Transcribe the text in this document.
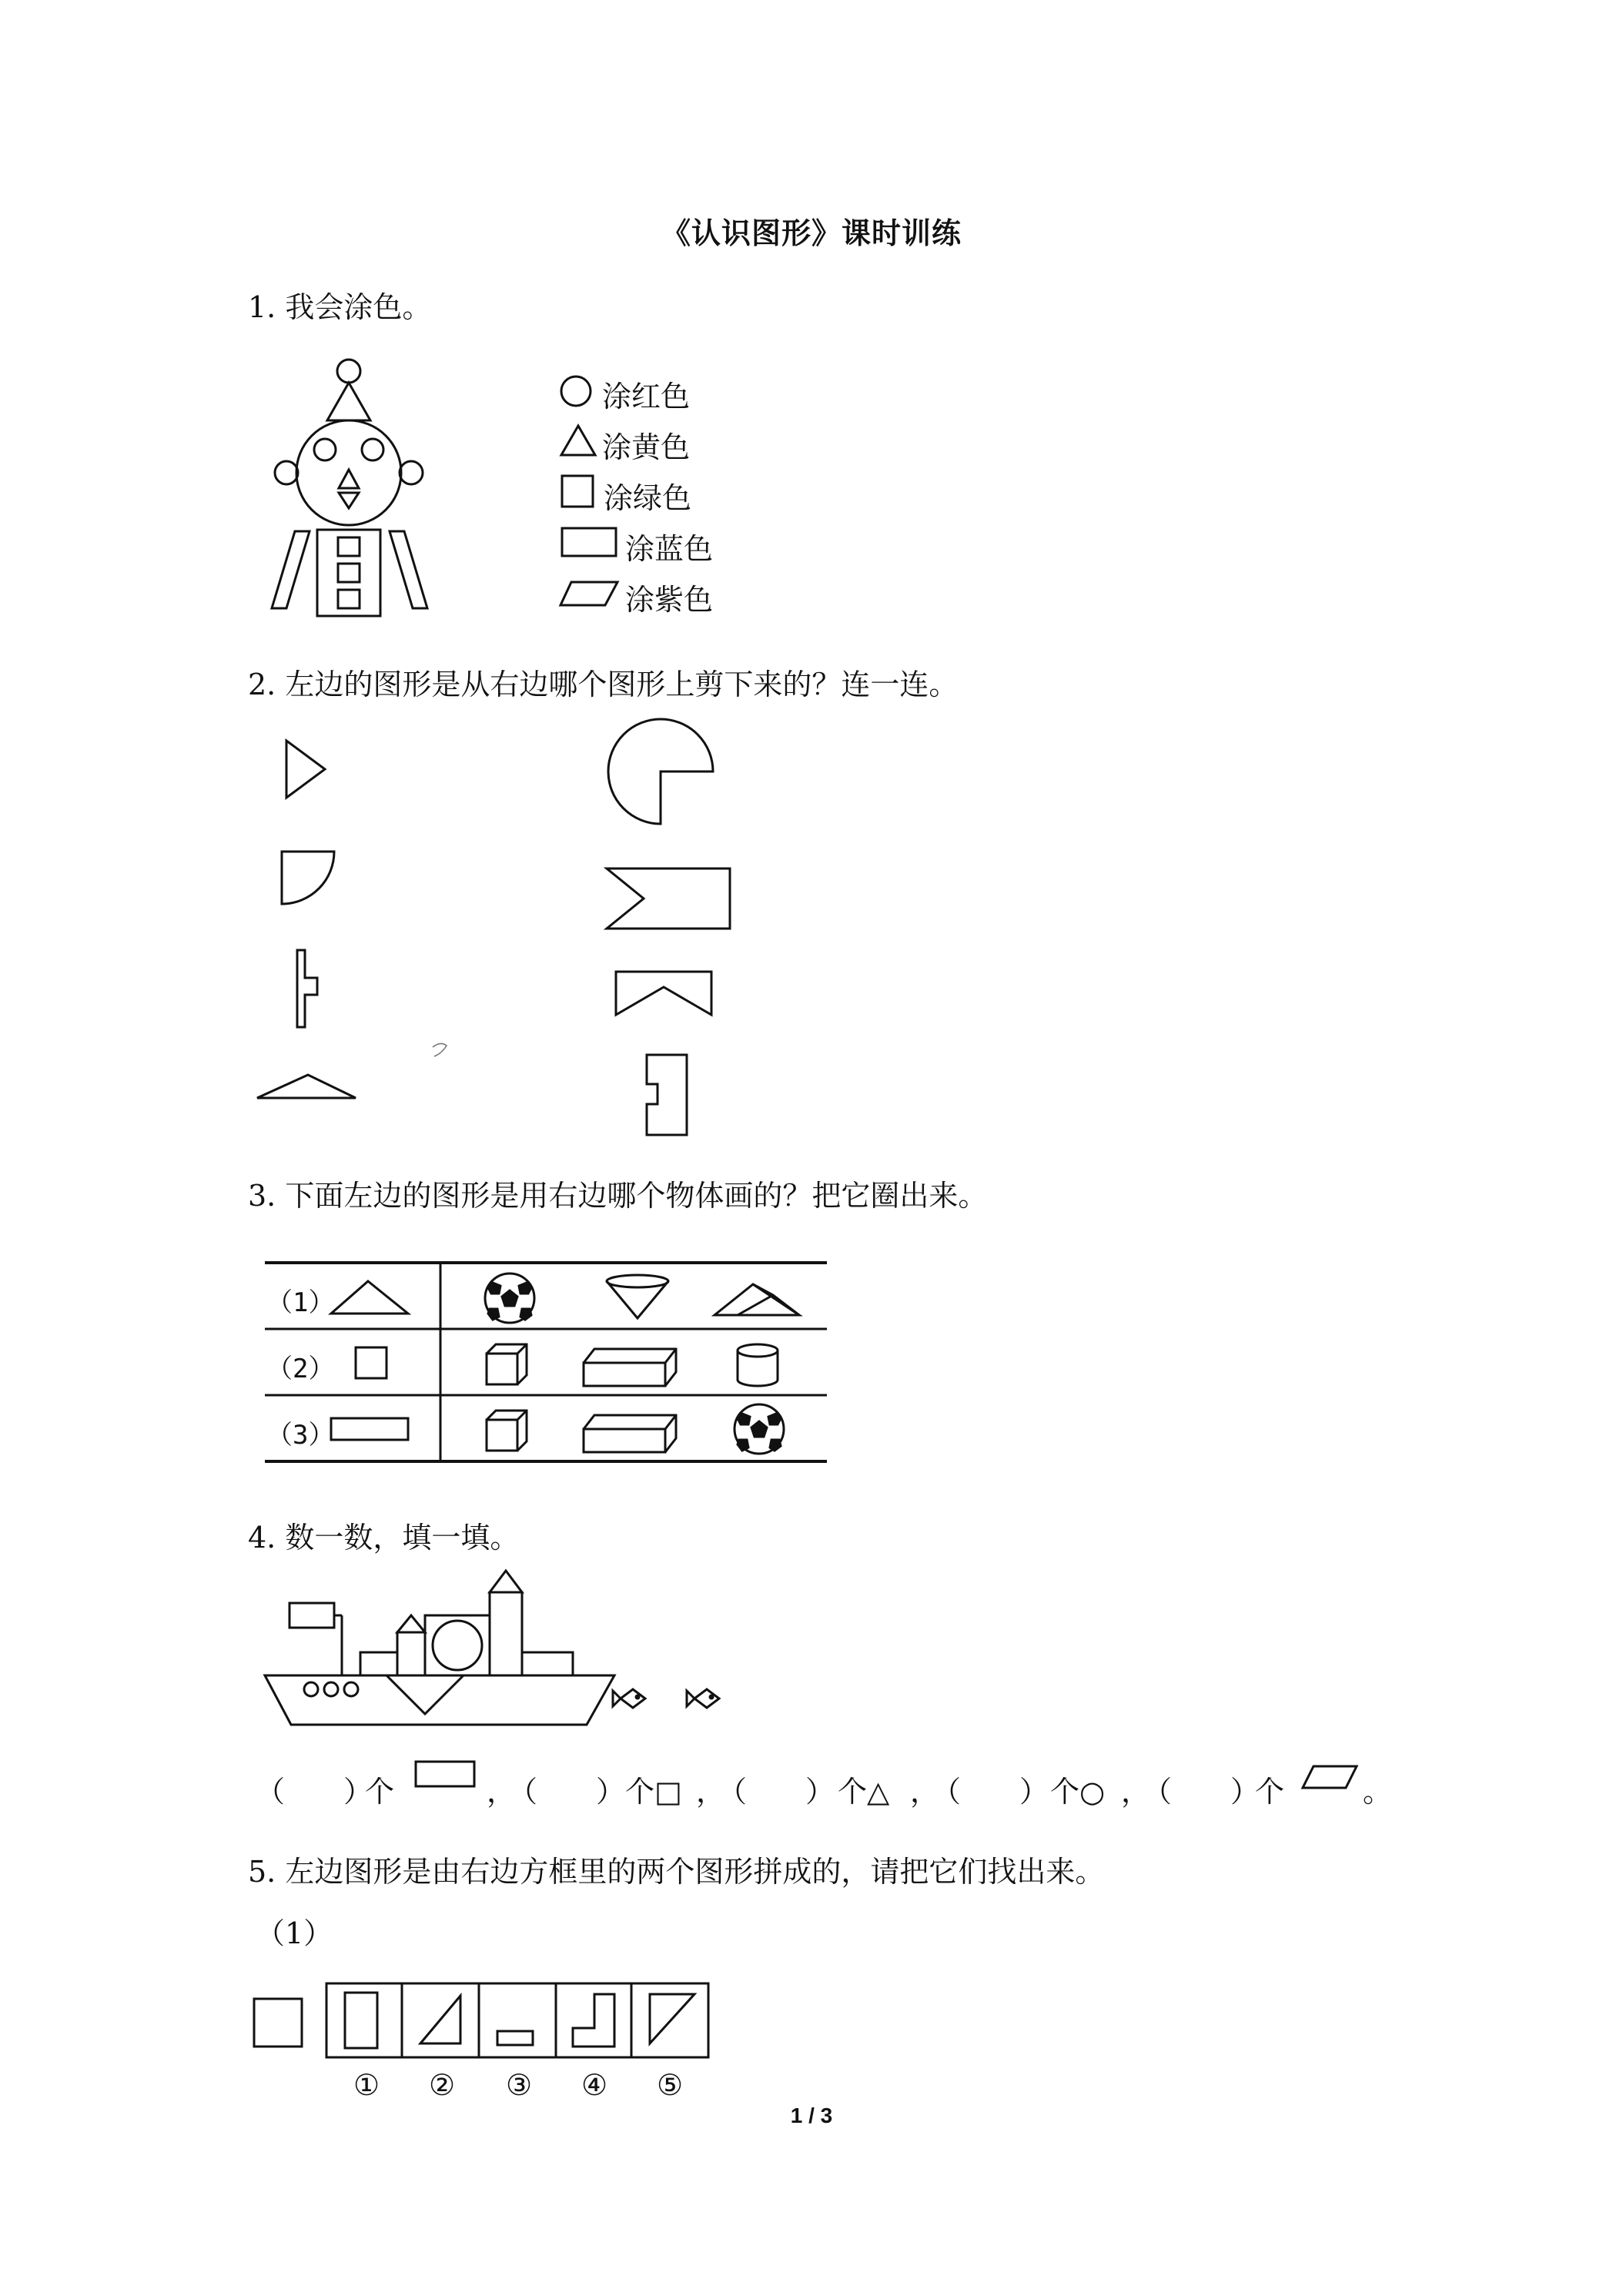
《认识图形》课时训练
1. 我会涂色。
涂红色
涂黄色
涂绿色
涂蓝色
涂紫色
2. 左边的图形是从右边哪个图形上剪下来的？连一连。
3. 下面左边的图形是用右边哪个物体画的？把它圈出来。
（1）
（2）
（3）
4. 数一数，填一填。
（　　）
个	，
（　　） 个□ ，
（　　） 个△ ，
（　　） 个○ ，
（　　）
个	。
5. 左边图形是由右边方框里的两个图形拼成的，请把它们找出来。
（1）
①	②	③	④	⑤
1 / 3
